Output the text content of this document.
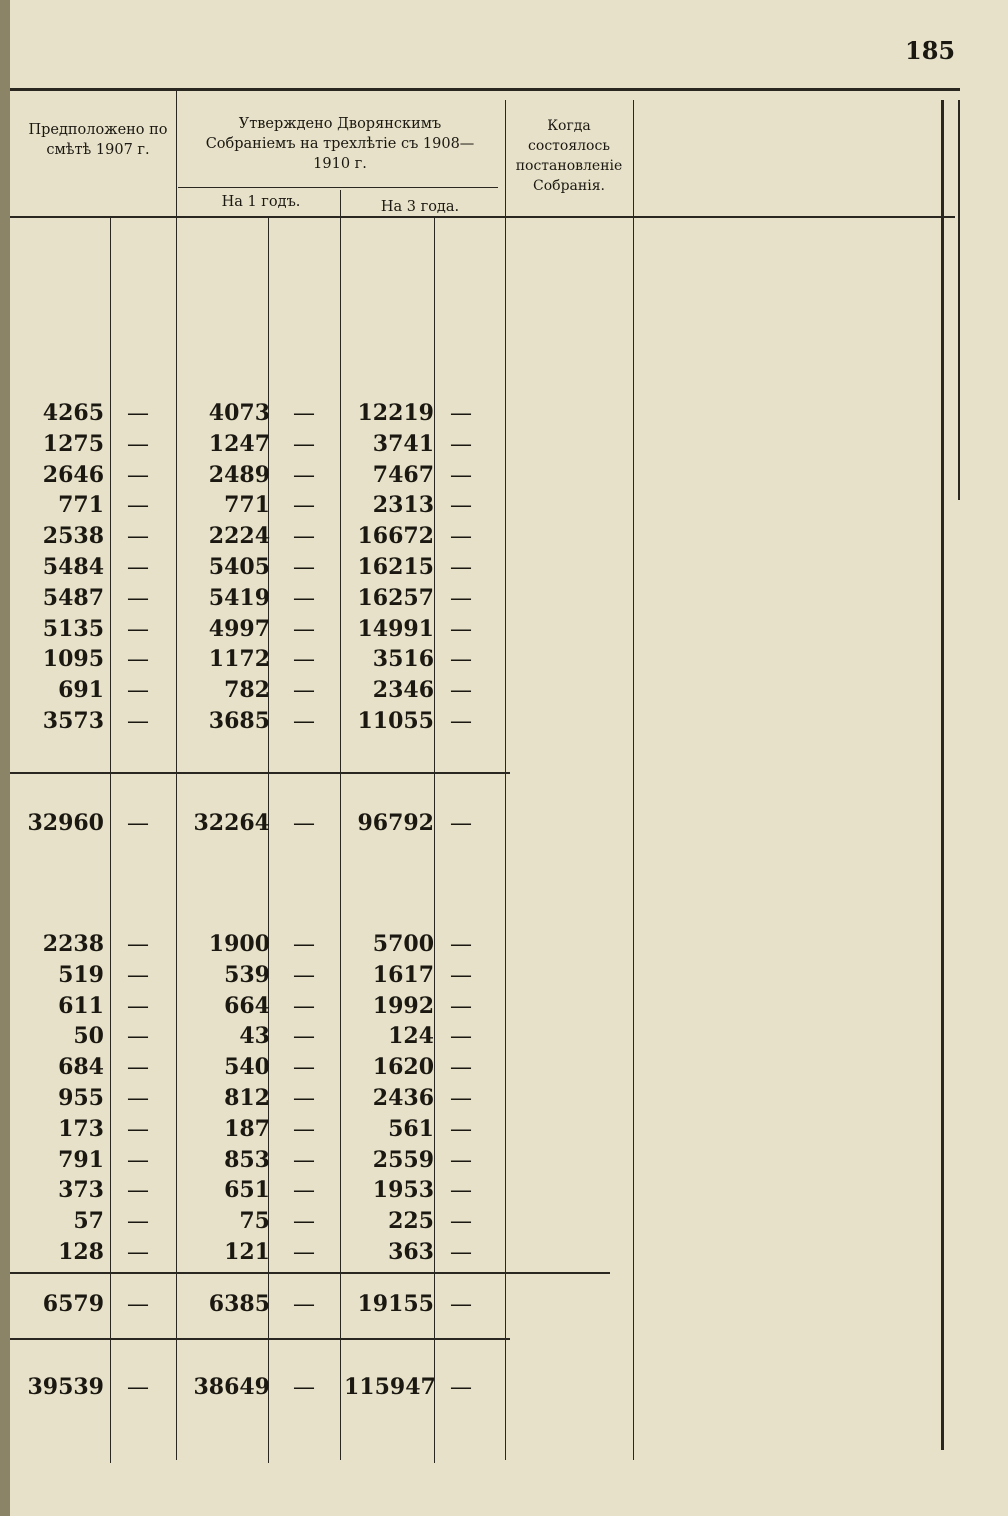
185
Предположено по смѣтѣ 1907 г.
Утверждено Дворянскимъ Собраніемъ на трехлѣтіе съ 1908—1910 г.
На 1 годъ.	На 3 года.
Когда состоялось постановленіе Собранія.
4265	—	4073	—	12219 —
1275	—	1247	—	3741 —
2646	—	2489	—	7467 —
771	—	771	—	2313 —
2538	—	2224	—	16672 —
5484	—	5405	—	16215 —
5487	—	5419	—	16257 —
5135	—	4997	—	14991 —
1095	—	1172	—	3516 —
691	—	782	—	2346 —
3573	—	3685	—	11055 —
32960	—	32264	—	96792 —
2238	—	1900	—	5700 —
519	—	539	—	1617 —
611	—	664	—	1992 —
50	—	43	—	124 —
684	—	540	—	1620 —
955	—	812	—	2436 —
173	—	187	—	561 —
791	—	853	—	2559 —
373	—	651	—	1953 —
57	—	75	—	225 —
128	—	121	—	363 —
6579	—	6385	—	19155 —
39539	—	38649	—	115947 —
